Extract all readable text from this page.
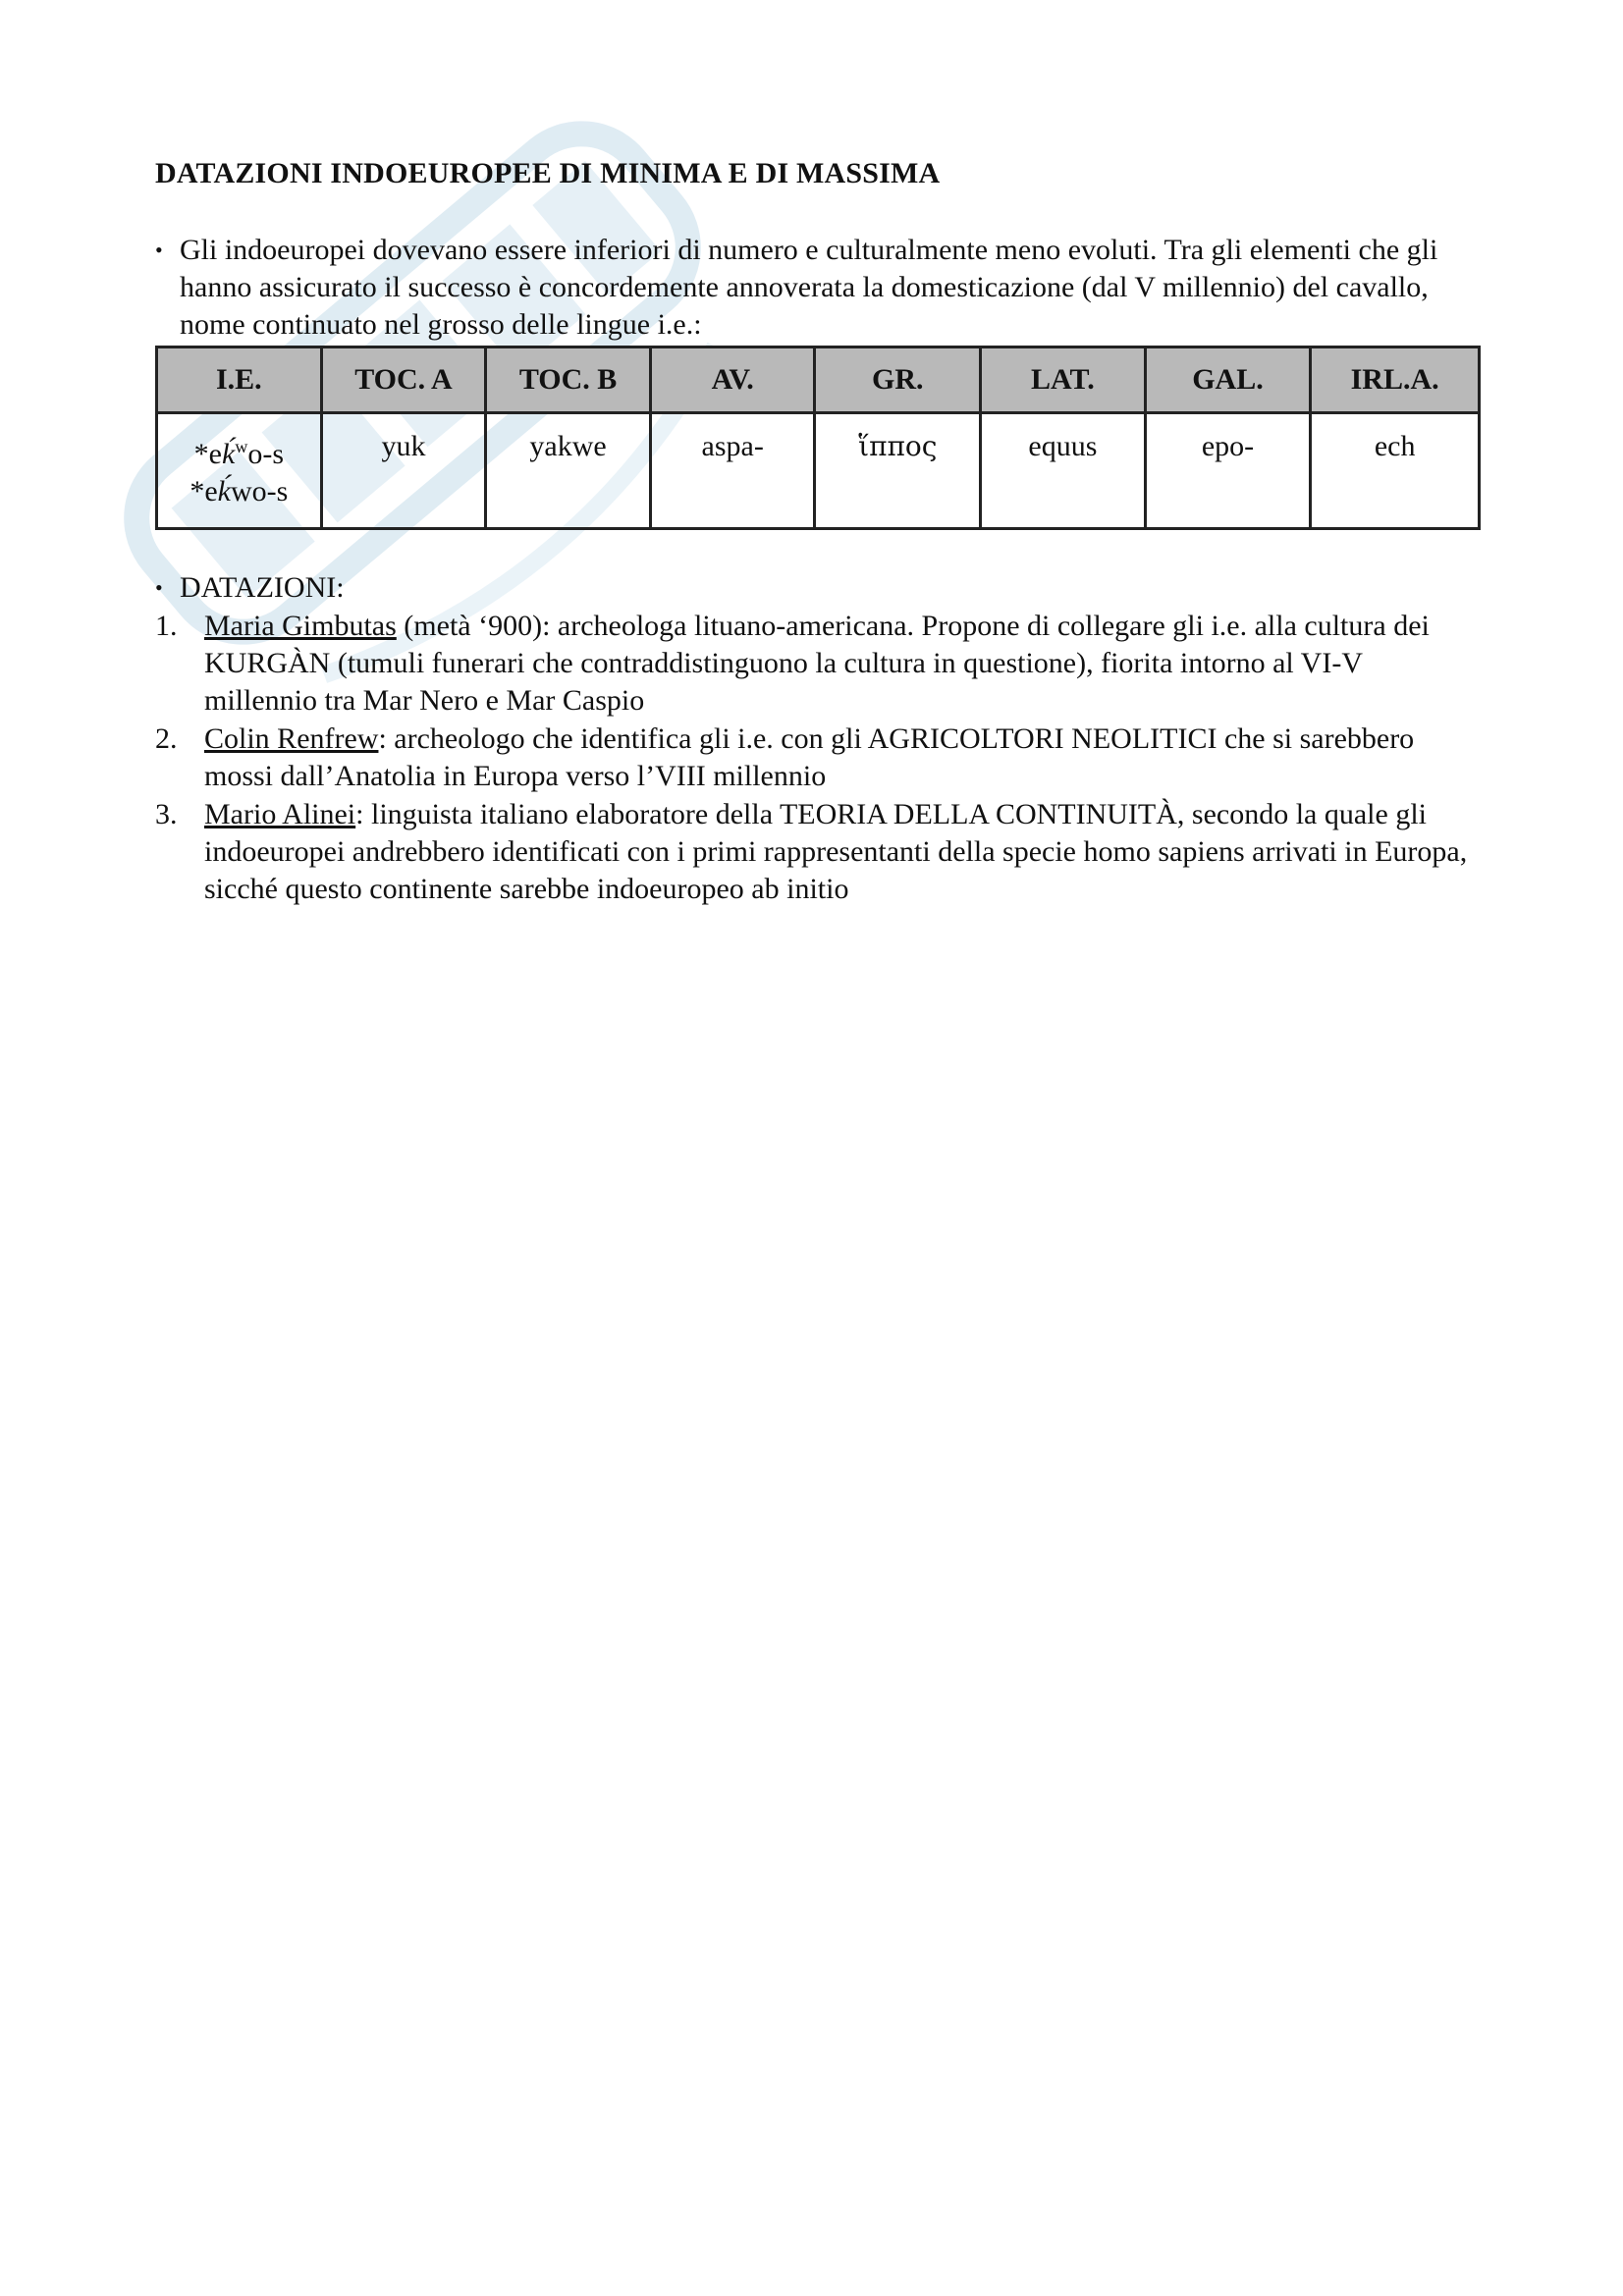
DATAZIONI INDOEUROPEE DI MINIMA E DI MASSIMA
• Gli indoeuropei dovevano essere inferiori di numero e culturalmente meno evoluti. Tra gli elementi che gli hanno assicurato il successo è concordemente annoverata la domesticazione (dal V millennio) del cavallo, nome continuato nel grosso delle lingue i.e.:
I.E.	TOC. A	TOC. B	AV.	GR.	LAT.	GAL.	IRL.A.

*eḱ$^w$o-s
*eḱwo-s	yuk	yakwe	aspa-	ἵππος	equus	epo-	ech
• DATAZIONI:
1. Maria Gimbutas (metà ‘900): archeologa lituano-americana. Propone di collegare gli i.e. alla cultura dei KURGÀN (tumuli funerari che contraddistinguono la cultura in questione), fiorita intorno al VI-V millennio tra Mar Nero e Mar Caspio
2. Colin Renfrew: archeologo che identifica gli i.e. con gli AGRICOLTORI NEOLITICI che si sarebbero mossi dall’Anatolia in Europa verso l’VIII millennio
3. Mario Alinei: linguista italiano elaboratore della TEORIA DELLA CONTINUITÀ, secondo la quale gli indoeuropei andrebbero identificati con i primi rappresentanti della specie homo sapiens arrivati in Europa, sicché questo continente sarebbe indoeuropeo ab initio
